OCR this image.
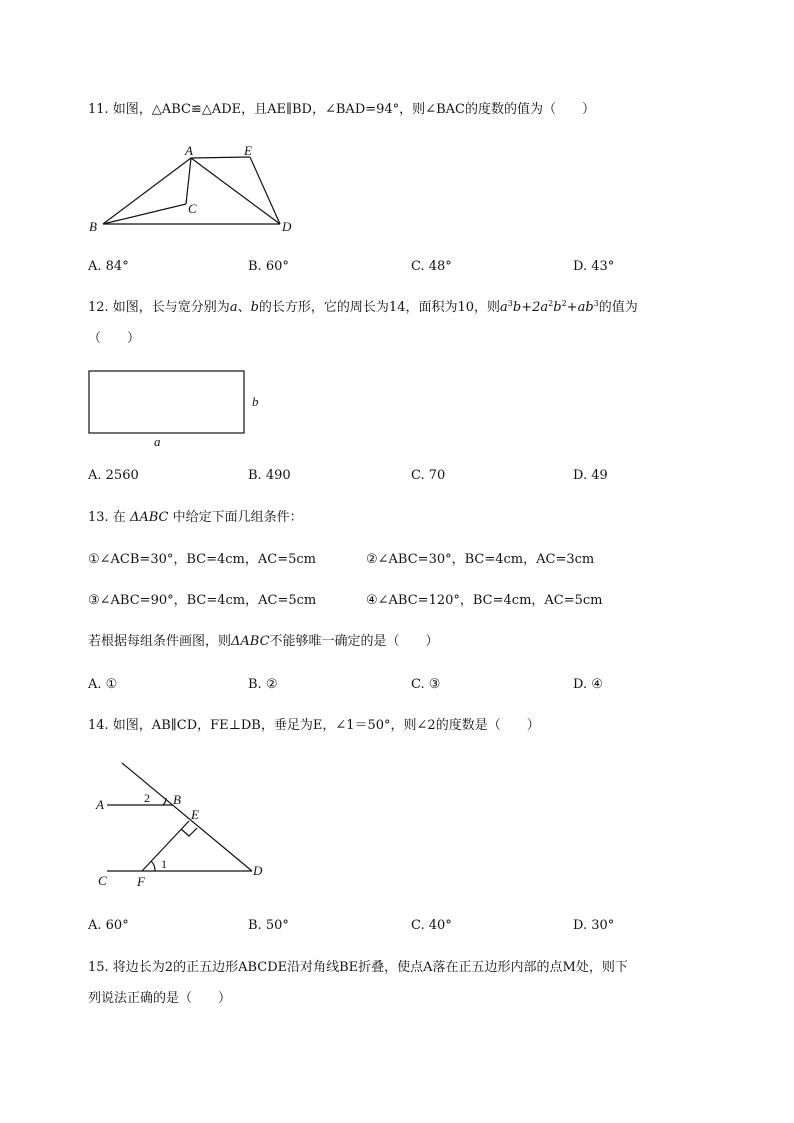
11. 如图，△ABC≌△ADE，且AE∥BD，∠BAD=94°，则∠BAC的度数的值为（　　）
A	E
C
B	D
A. 84°	B. 60°	C. 48°	D. 43°
12. 如图，长与宽分别为a、b的长方形，它的周长为14，面积为10，则$a^3b+2a^2b^2+ab^3$的值为
（　　）
b
a
A. 2560	B. 490	C. 70	D. 49
13. 在 ΔABC 中给定下面几组条件：
①∠ACB=30°，BC=4cm，AC=5cm	②∠ABC=30°，BC=4cm，AC=3cm
③∠ABC=90°，BC=4cm，AC=5cm	④∠ABC=120°，BC=4cm，AC=5cm
若根据每组条件画图，则ΔABC不能够唯一确定的是（　　）
A. ①	B. ②	C. ③	D. ④
14. 如图，AB∥CD，FE⊥DB，垂足为E，∠1＝50°，则∠2的度数是（　　）
A	B
E
C F
D
2
1
A. 60°	B. 50°	C. 40°	D. 30°
15. 将边长为2的正五边形ABCDE沿对角线BE折叠，使点A落在正五边形内部的点M处，则下
列说法正确的是（　　）
